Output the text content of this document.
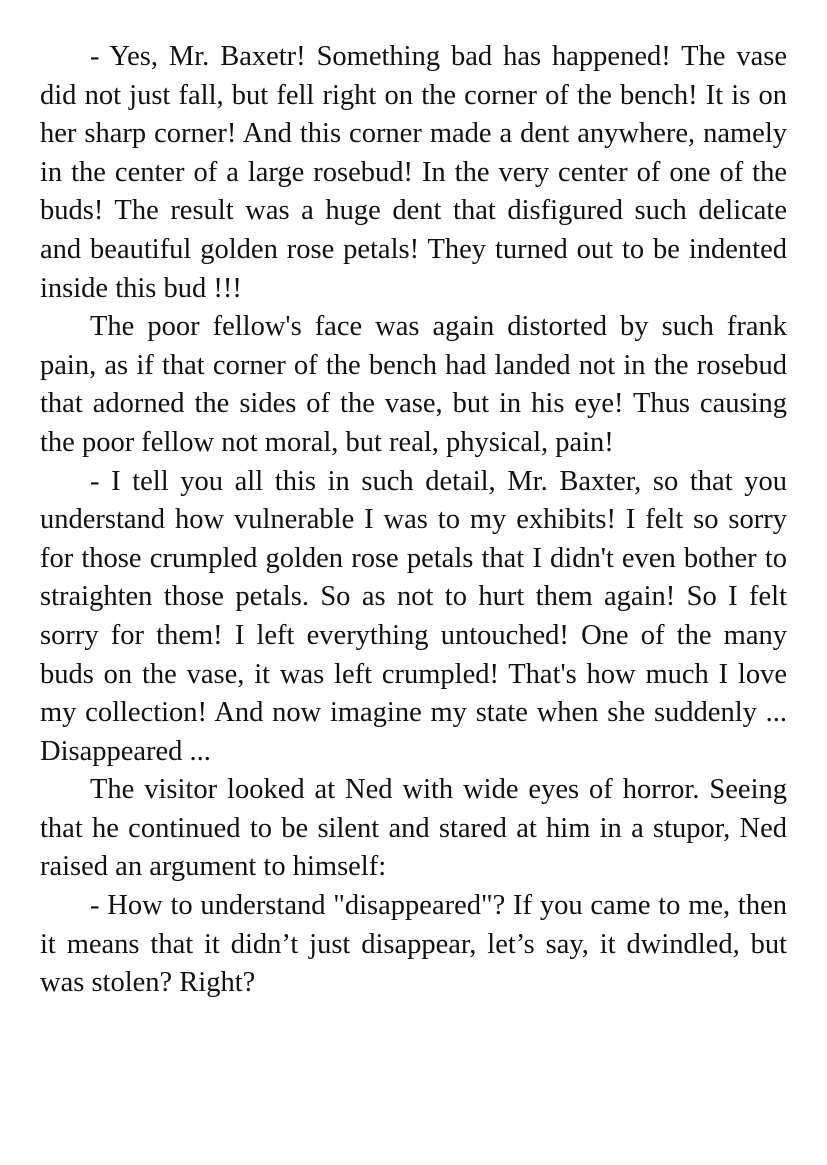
- Yes, Mr. Baxetr! Something bad has happened! The vase did not just fall, but fell right on the corner of the bench! It is on her sharp corner! And this corner made a dent anywhere, namely in the center of a large rosebud! In the very center of one of the buds! The result was a huge dent that disfigured such delicate and beautiful golden rose petals! They turned out to be indented inside this bud !!!

The poor fellow's face was again distorted by such frank pain, as if that corner of the bench had landed not in the rosebud that adorned the sides of the vase, but in his eye! Thus causing the poor fellow not moral, but real, physical, pain!

- I tell you all this in such detail, Mr. Baxter, so that you understand how vulnerable I was to my exhibits! I felt so sorry for those crumpled golden rose petals that I didn't even bother to straighten those petals. So as not to hurt them again! So I felt sorry for them! I left everything untouched! One of the many buds on the vase, it was left crumpled! That's how much I love my collection! And now imagine my state when she suddenly ... Disappeared ...

The visitor looked at Ned with wide eyes of horror. Seeing that he continued to be silent and stared at him in a stupor, Ned raised an argument to himself:

- How to understand "disappeared"? If you came to me, then it means that it didn’t just disappear, let’s say, it dwindled, but was stolen? Right?
